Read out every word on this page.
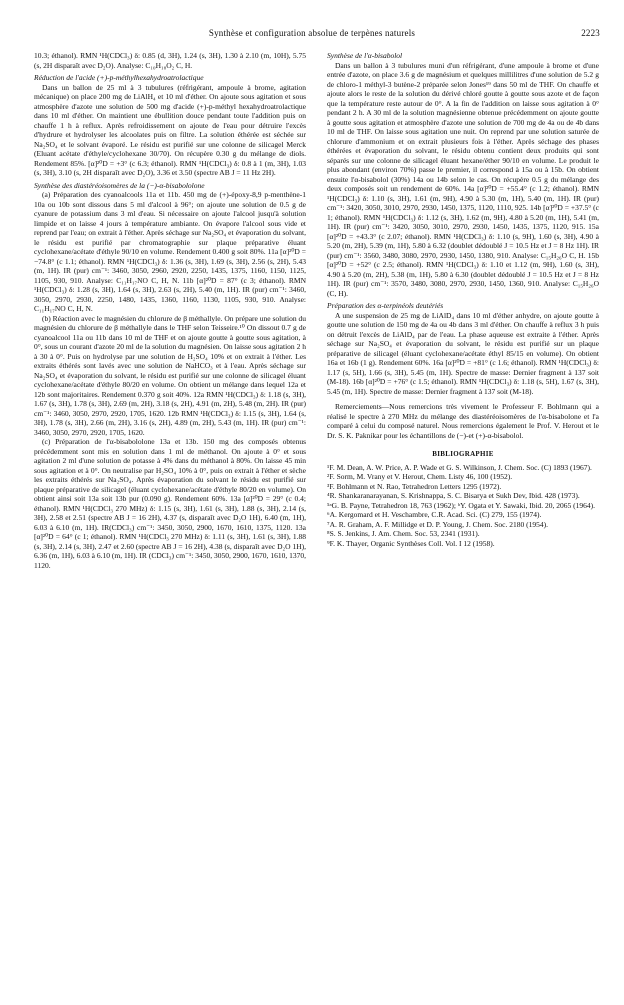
Synthèse et configuration absolue de terpènes naturels	2223

10.3; éthanol). RMN ¹H(CDCl₃) δ: 0.85 (d, 3H), 1.24 (s, 3H), 1.30 à 2.10 (m, 10H), 5.75 (s, 2H disparaît avec D₂O). Analyse: C₁₀H₁₈O₂ C, H.

Réduction de l'acide (+)-p-méthylhexahydroatrolactique

Dans un ballon de 25 ml à 3 tubulures (réfrigérant, ampoule à brome, agitation mécanique) on place 200 mg de LiAlH₄ et 10 ml d'éther. On ajoute sous agitation et sous atmosphère d'azote une solution de 500 mg d'acide (+)-p-méthyl hexahydroatrolactique dans 10 ml d'éther. On maintient une ébullition douce pendant toute l'addition puis on chauffe 1 h à reflux. Après refroidissement on ajoute de l'eau pour détruire l'excès d'hydrure et hydrolyser les alcoolates puis on filtre. La solution éthérée est séchée sur Na₂SO₄ et le solvant évaporé. Le résidu est purifié sur une colonne de silicagel Merck (Eluant acétate d'éthyle/cyclohexane 30/70). On récupère 0.30 g du mélange de diols. Rendement 85%. [α]²⁰D = +3° (c 6.3; éthanol). RMN ¹H(CDCl₃) δ: 0.8 à 1 (m, 3H), 1.03 (s, 3H), 3.10 (s, 2H disparaît avec D₂O), 3.36 et 3.50 (spectre AB J = 11 Hz 2H).

Synthèse des diastéréoisomères de la (−)-α-bisabololone

(a) Préparation des cyanoalcools 11a et 11b. 450 mg de (+)-époxy-8,9 p-menthène-1 10a ou 10b sont dissous dans 5 ml d'alcool à 96°; on ajoute une solution de 0.5 g de cyanure de potassium dans 3 ml d'eau. Si nécessaire on ajoute l'alcool jusqu'à solution limpide et on laisse 4 jours à température ambiante. On évapore l'alcool sous vide et reprend par l'eau; on extrait à l'éther. Après séchage sur Na₂SO₄ et évaporation du solvant, le résidu est purifié par chromatographie sur plaque préparative éluant cyclohexane/acétate d'éthyle 90/10 en volume. Rendement 0.400 g soit 80%. 11a [α]²⁰D = −74.8° (c 1.1; éthanol). RMN ¹H(CDCl₃) δ: 1.36 (s, 3H), 1.69 (s, 3H), 2.56 (s, 2H), 5.43 (m, 1H). IR (pur) cm⁻¹: 3460, 3050, 2960, 2920, 2250, 1435, 1375, 1160, 1150, 1125, 1105, 930, 910. Analyse: C₁₁H₁₇NO C, H, N. 11b [α]²⁰D = 87° (c 3; éthanol). RMN ¹H(CDCl₃) δ: 1.28 (s, 3H), 1.64 (s, 3H), 2.63 (s, 2H), 5.40 (m, 1H). IR (pur) cm⁻¹: 3460, 3050, 2970, 2930, 2250, 1480, 1435, 1360, 1160, 1130, 1105, 930, 910. Analyse: C₁₁H₁₇NO C, H, N.

(b) Réaction avec le magnésien du chlorure de β méthallyle. On prépare une solution du magnésien du chlorure de β méthallyle dans le THF selon Teisseire.¹⁰ On dissout 0.7 g de cyanoalcool 11a ou 11b dans 10 ml de THF et on ajoute goutte à goutte sous agitation, à 0°, sous un courant d'azote 20 ml de la solution du magnésien. On laisse sous agitation 2 h à 30 à 0°. Puis on hydrolyse par une solution de H₂SO₄ 10% et on extrait à l'éther. Les extraits éthérés sont lavés avec une solution de NaHCO₃ et à l'eau. Après séchage sur Na₂SO₄ et évaporation du solvant, le résidu est purifié sur une colonne de silicagel éluant cyclohexane/acétate d'éthyle 80/20 en volume. On obtient un mélange dans lequel 12a et 12b sont majoritaires. Rendement 0.370 g soit 40%. 12a RMN ¹H(CDCl₃) δ: 1.18 (s, 3H), 1.67 (s, 3H), 1.78 (s, 3H), 2.69 (m, 2H), 3.18 (s, 2H), 4.91 (m, 2H), 5.48 (m, 2H). IR (pur) cm⁻¹: 3460, 3050, 2970, 2920, 1705, 1620. 12b RMN ¹H(CDCl₃) δ: 1.15 (s, 3H), 1.64 (s, 3H), 1.78 (s, 3H), 2.66 (m, 2H), 3.16 (s, 2H), 4.89 (m, 2H), 5.43 (m, 1H). IR (pur) cm⁻¹: 3460, 3050, 2970, 2920, 1705, 1620.

(c) Préparation de l'α-bisabololone 13a et 13b. 150 mg des composés obtenus précédemment sont mis en solution dans 1 ml de méthanol. On ajoute à 0° et sous agitation 2 ml d'une solution de potasse à 4% dans du méthanol à 80%. On laisse 45 min sous agitation et à 0°. On neutralise par H₂SO₄ 10% à 0°, puis on extrait à l'éther et sèche les extraits éthérés sur Na₂SO₄. Après évaporation du solvant le résidu est purifié sur plaque préparative de silicagel (éluant cyclohexane/acétate d'éthyle 80/20 en volume). On obtient ainsi soit 13a soit 13b pur (0.090 g). Rendement 60%. 13a [α]²⁰D = 29° (c 0.4; éthanol). RMN ¹H(CDCl₃ 270 MHz) δ: 1.15 (s, 3H), 1.61 (s, 3H), 1.88 (s, 3H), 2.14 (s, 3H), 2.58 et 2.51 (spectre AB J = 16 2H), 4.37 (s, disparaît avec D₂O 1H), 6.40 (m, 1H), 6.03 à 6.10 (m, 1H). IR(CDCl₃) cm⁻¹: 3450, 3050, 2900, 1670, 1610, 1375, 1120. 13a [α]²⁰D = 64° (c 1; éthanol). RMN ¹H(CDCl₃ 270 MHz) δ: 1.11 (s, 3H), 1.61 (s, 3H), 1.88 (s, 3H), 2.14 (s, 3H), 2.47 et 2.60 (spectre AB J = 16 2H), 4.38 (s, disparaît avec D₂O 1H), 6.36 (m, 1H), 6.03 à 6.10 (m, 1H). IR (CDCl₃) cm⁻¹: 3450, 3050, 2900, 1670, 1610, 1370, 1120.

Synthèse de l'α-bisabolol

Dans un ballon à 3 tubulures muni d'un réfrigérant, d'une ampoule à brome et d'une entrée d'azote, on place 3.6 g de magnésium et quelques millilitres d'une solution de 5.2 g de chloro-1 méthyl-3 butène-2 préparée selon Jones¹⁹ dans 50 ml de THF. On chauffe et ajoute alors le reste de la solution du dérivé chloré goutte à goutte sous azote et de façon que la température reste autour de 0°. A la fin de l'addition on laisse sous agitation à 0° pendant 2 h. A 30 ml de la solution magnésienne obtenue précédemment on ajoute goutte à goutte sous agitation et atmosphère d'azote une solution de 700 mg de 4a ou de 4b dans 10 ml de THF. On laisse sous agitation une nuit. On reprend par une solution saturée de chlorure d'ammonium et on extrait plusieurs fois à l'éther. Après séchage des phases éthérées et évaporation du solvant, le résidu obtenu contient deux produits qui sont séparés sur une colonne de silicagel éluant hexane/éther 90/10 en volume. Le produit le plus abondant (environ 70%) passe le premier, il correspond à 15a ou à 15b. On obtient ensuite l'α-bisabolol (30%) 14a ou 14b selon le cas. On récupère 0.5 g du mélange des deux composés soit un rendement de 60%. 14a [α]²⁰D = +55.4° (c 1.2; éthanol). RMN ¹H(CDCl₃) δ: 1.10 (s, 3H), 1.61 (m, 9H), 4.90 à 5.30 (m, 1H), 5.40 (m, 1H). IR (pur) cm⁻¹: 3420, 3050, 3010, 2970, 2930, 1450, 1375, 1120, 1110, 925. 14b [α]²⁰D = +37.5° (c 1; éthanol). RMN ¹H(CDCl₃) δ: 1.12 (s, 3H), 1.62 (m, 9H), 4.80 à 5.20 (m, 1H), 5.41 (m, 1H). IR (pur) cm⁻¹: 3420, 3050, 3010, 2970, 2930, 1450, 1435, 1375, 1120, 915. 15a [α]²⁰D = +43.3° (c 2.07; éthanol). RMN ¹H(CDCl₃) δ: 1.10 (s, 9H), 1.60 (s, 3H), 4.90 à 5.20 (m, 2H), 5.39 (m, 1H), 5.80 à 6.32 (doublet dédoublé J = 10.5 Hz et J = 8 Hz 1H). IR (pur) cm⁻¹: 3560, 3480, 3080, 2970, 2930, 1450, 1380, 910. Analyse: C₁₅H₂₆O C, H. 15b [α]²⁰D = +52° (c 2.5; éthanol). RMN ¹H(CDCl₃) δ: 1.10 et 1.12 (m, 9H), 1.60 (s, 3H), 4.90 à 5.20 (m, 2H), 5.38 (m, 1H), 5.80 à 6.30 (doublet dédoublé J = 10.5 Hz et J = 8 Hz 1H). IR (pur) cm⁻¹: 3570, 3480, 3080, 2970, 2930, 1450, 1360, 910. Analyse: C₁₅H₂₆O (C, H).

Préparation des α-terpinéols deutériés

A une suspension de 25 mg de LiAlD₄ dans 10 ml d'éther anhydre, on ajoute goutte à goutte une solution de 150 mg de 4a ou 4b dans 3 ml d'éther. On chauffe à reflux 3 h puis on détruit l'excès de LiAlD₄ par de l'eau. La phase aqueuse est extraite à l'éther. Après séchage sur Na₂SO₄ et évaporation du solvant, le résidu est purifié sur un plaque préparative de silicagel (éluant cyclohexane/acétate éthyl 85/15 en volume). On obtient 16a et 16b (1 g). Rendement 60%. 16a [α]²⁰D = +81° (c 1.6; éthanol). RMN ¹H(CDCl₃) δ: 1.17 (s, 5H), 1.66 (s, 3H), 5.45 (m, 1H). Spectre de masse: Dernier fragment à 137 soit (M-18). 16b [α]²⁰D = +76° (c 1.5; éthanol). RMN ¹H(CDCl₃) δ: 1.18 (s, 5H), 1.67 (s, 3H), 5.45 (m, 1H). Spectre de masse: Dernier fragment à 137 soit (M-18).

Remerciements—Nous remercions très vivement le Professeur F. Bohlmann qui a réalisé le spectre à 270 MHz du mélange des diastéréoisomères de l'α-bisabolone et l'a comparé à celui du composé naturel. Nous remercions également le Prof. V. Herout et le Dr. S. K. Paknikar pour les échantillons de (−)-et (+)-α-bisabolol.

BIBLIOGRAPHIE

¹F. M. Dean, A. W. Price, A. P. Wade et G. S. Wilkinson, J. Chem. Soc. (C) 1893 (1967).

²F. Sorm, M. Vrany et V. Herout, Chem. Listy 46, 100 (1952).

³F. Bohlmann et N. Rao, Tetrahedron Letters 1295 (1972).

⁴R. Shankaranarayanan, S. Krishnappa, S. C. Bisarya et Sukh Dev, Ibid. 428 (1973).

⁵ᵃG. B. Payne, Tetrahedron 18, 763 (1962); ᵇY. Ogata et Y. Sawaki, Ibid. 20, 2065 (1964).

⁶A. Kergomard et H. Veschambre, C.R. Acad. Sci. (C) 279, 155 (1974).

⁷A. R. Graham, A. F. Millidge et D. P. Young, J. Chem. Soc. 2180 (1954).

⁸S. S. Jenkins, J. Am. Chem. Soc. 53, 2341 (1931).

⁹F. K. Thayer, Organic Synthèses Coll. Vol. I 12 (1958).
